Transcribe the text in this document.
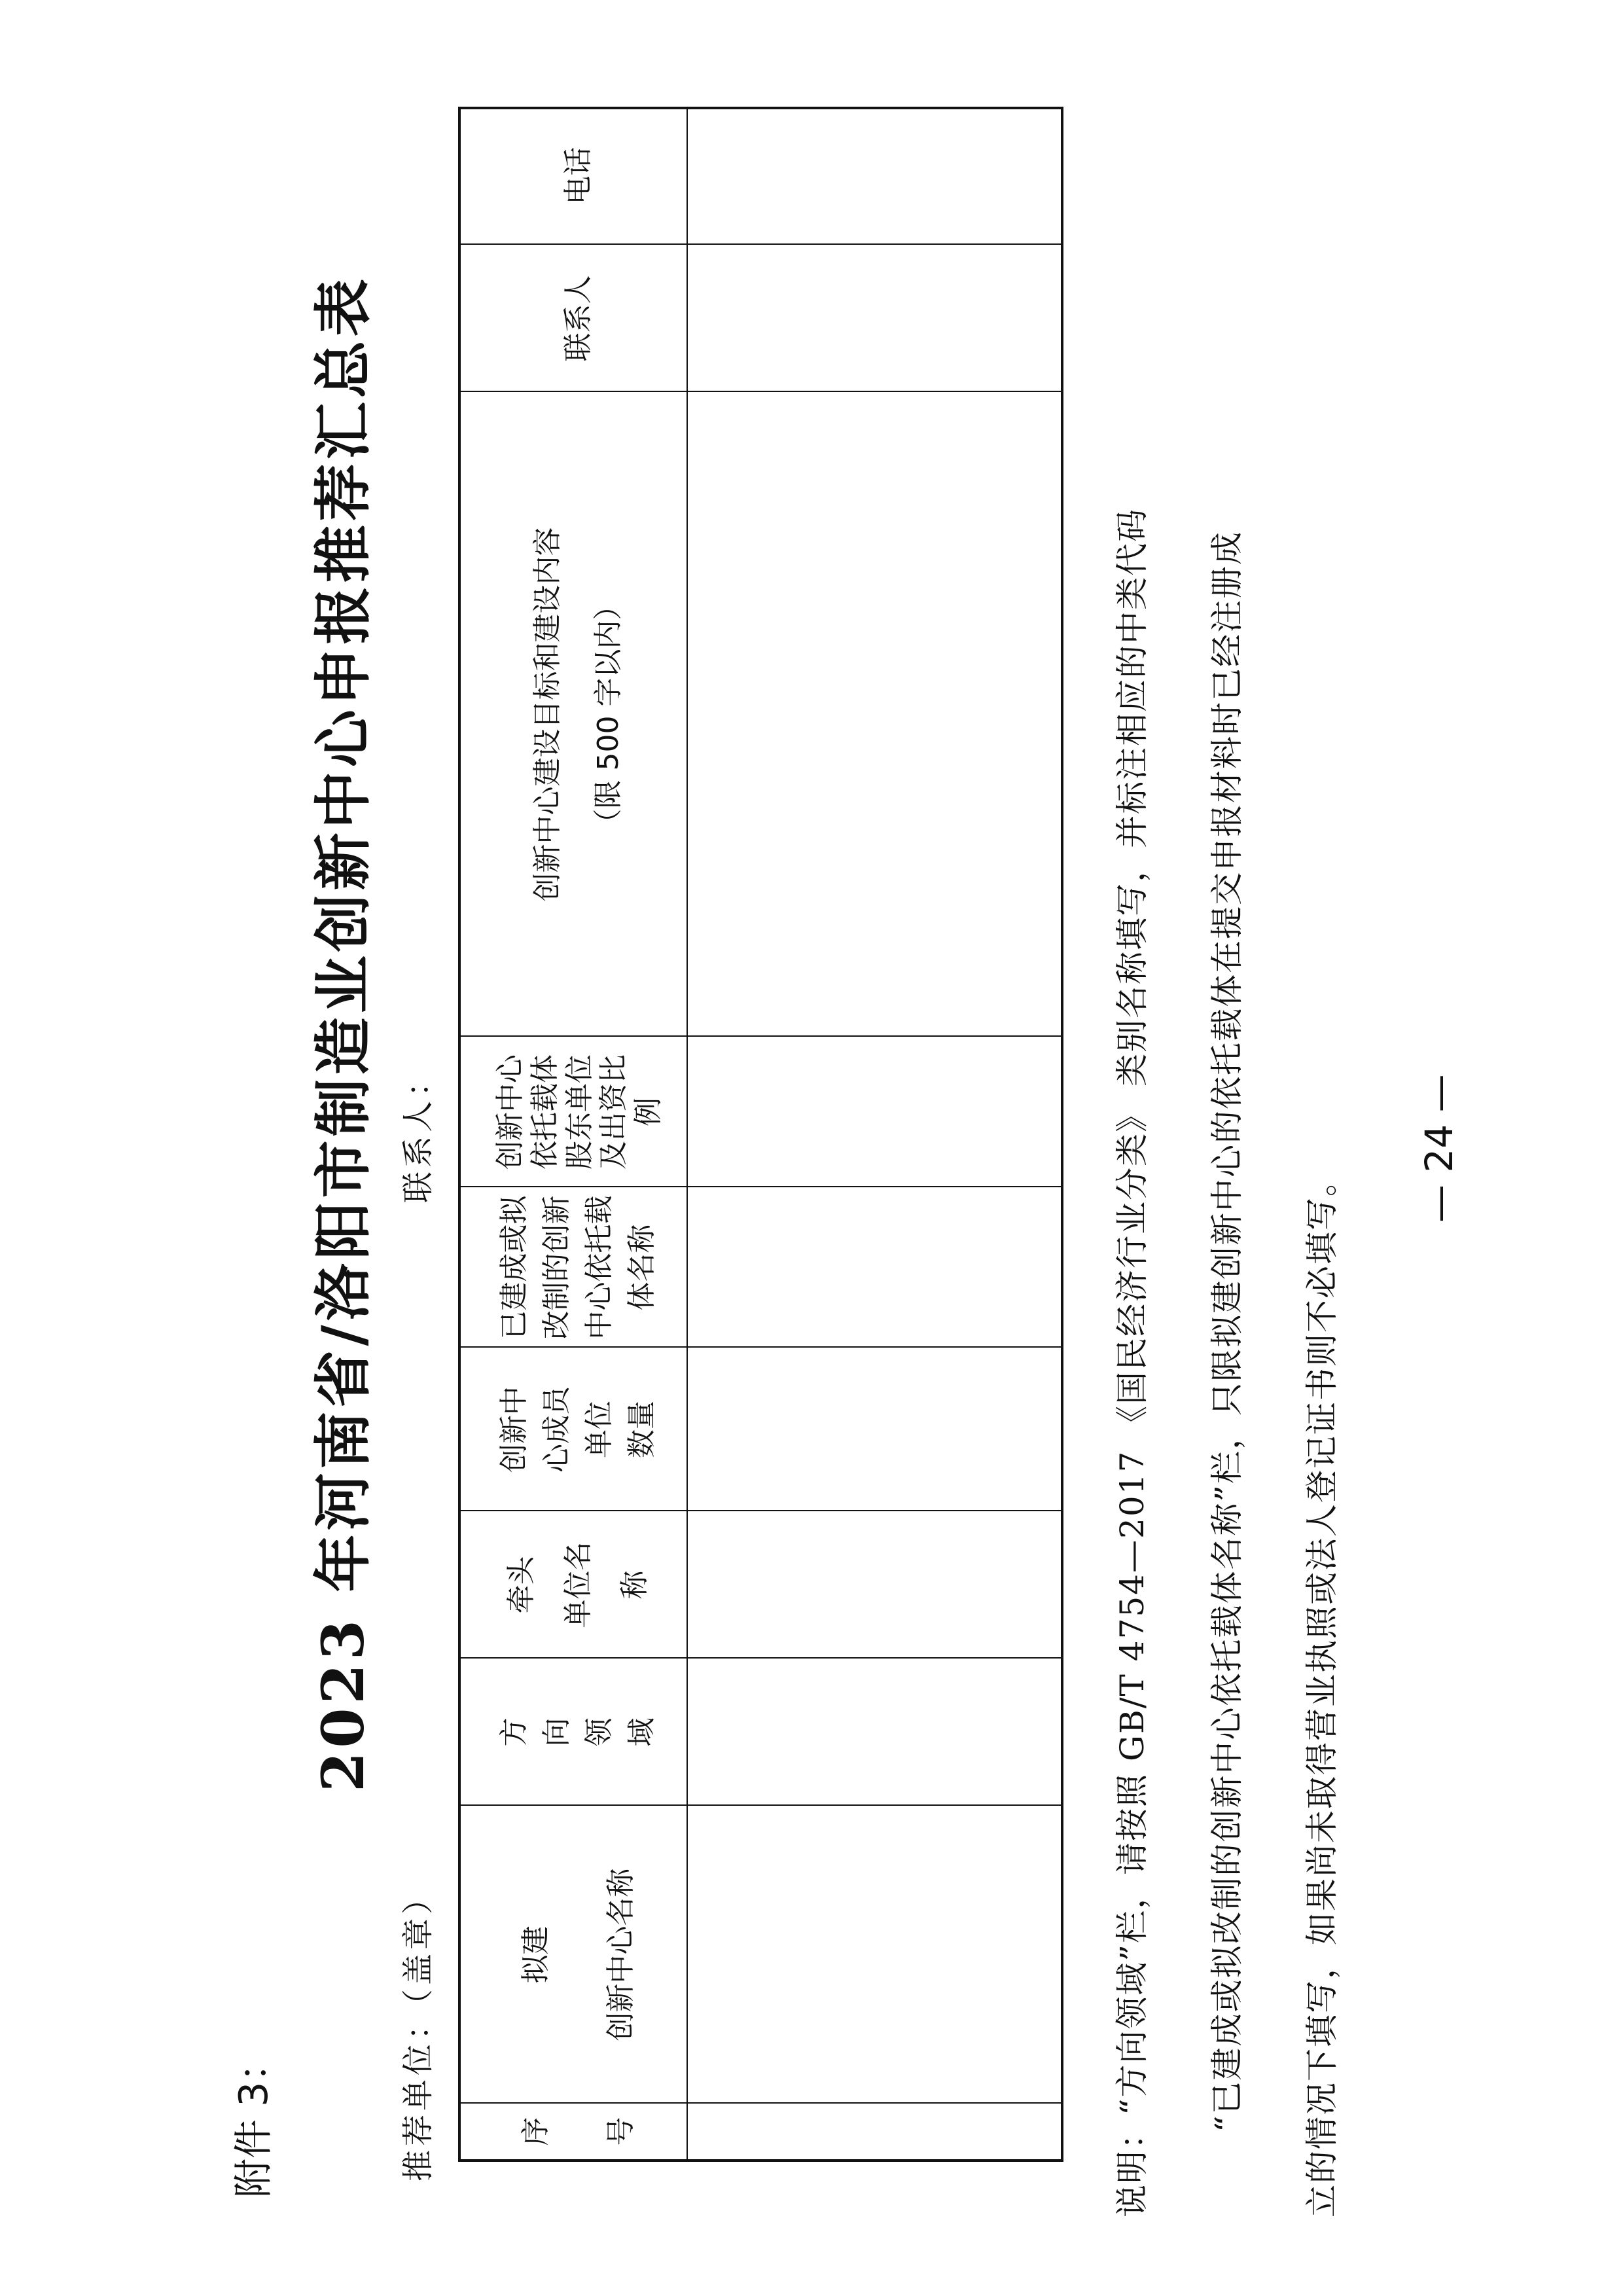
附件 3：
2023 年河南省/洛阳市制造业创新中心申报推荐汇总表
推荐单位：（盖章）
联系人：
序 号
拟建 创新中心名称
方 向 领 域
牵头 单位名 称
创新中 心成员 单位 数量
已建成或拟 改制的创新 中心依托载 体名称
创新中心 依托载体 股东单位 及出资比 例
创新中心建设目标和建设内容 （限 500 字以内）
联系人
电话
说明：“方向领域”栏，请按照 GB/T 4754—2017 《国民经济行业分类》 类别名称填写，并标注相应的中类代码 “已建成或拟改制的创新中心依托载体名称”栏，只限拟建创新中心的依托载体在提交申报材料时已经注册成 立的情况下填写，如果尚未取得营业执照或法人登记证书则不必填写。
— 24 —
